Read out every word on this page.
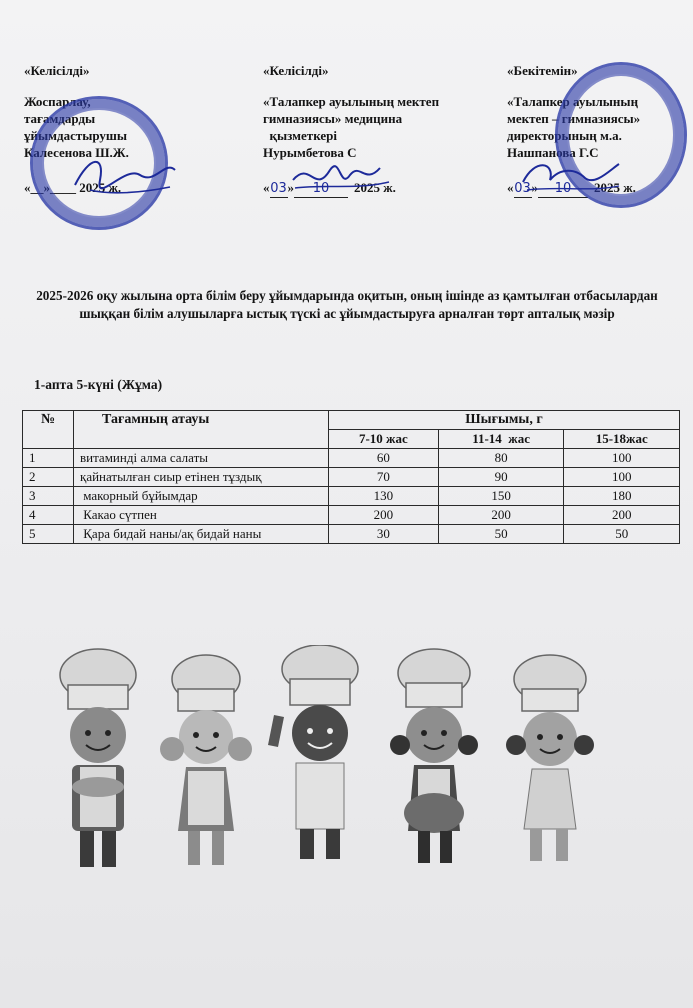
«Келісілді»
Жоспарлау,
тағамдарды
ұйымдастырушы
Калесенова Ш.Ж.
«__»____ 2025 ж.
«Келісілді»
«Талапкер ауылының мектеп
гимназиясы» медицина
қызметкері
Нурымбетова С
« 03 »	10	2025 ж.
«Бекітемін»
«Талапкер ауылының
мектеп – гимназиясы»
директорының м.а.
Нашпанова Г.С
« 03 »	10	2025 ж.
2025-2026 оқу жылына орта білім беру ұйымдарында оқитын, оның ішінде аз қамтылған отбасылардан шыққан білім алушыларға ыстық түскі ас ұйымдастыруға арналған төрт апталық мәзір
1-апта 5-күні (Жұма)
№	Тағамның атауы	Шығымы, г		
		7-10 жас	11-14  жас	15-18жас
1	витаминді алма салаты	60	80	100
2	қайнатылған сиыр етінен тұздық	70	90	100
3	макорный бұйымдар	130	150	180
4	Какао сүтпен	200	200	200
5	Қара бидай наны/ақ бидай наны	30	50	50
